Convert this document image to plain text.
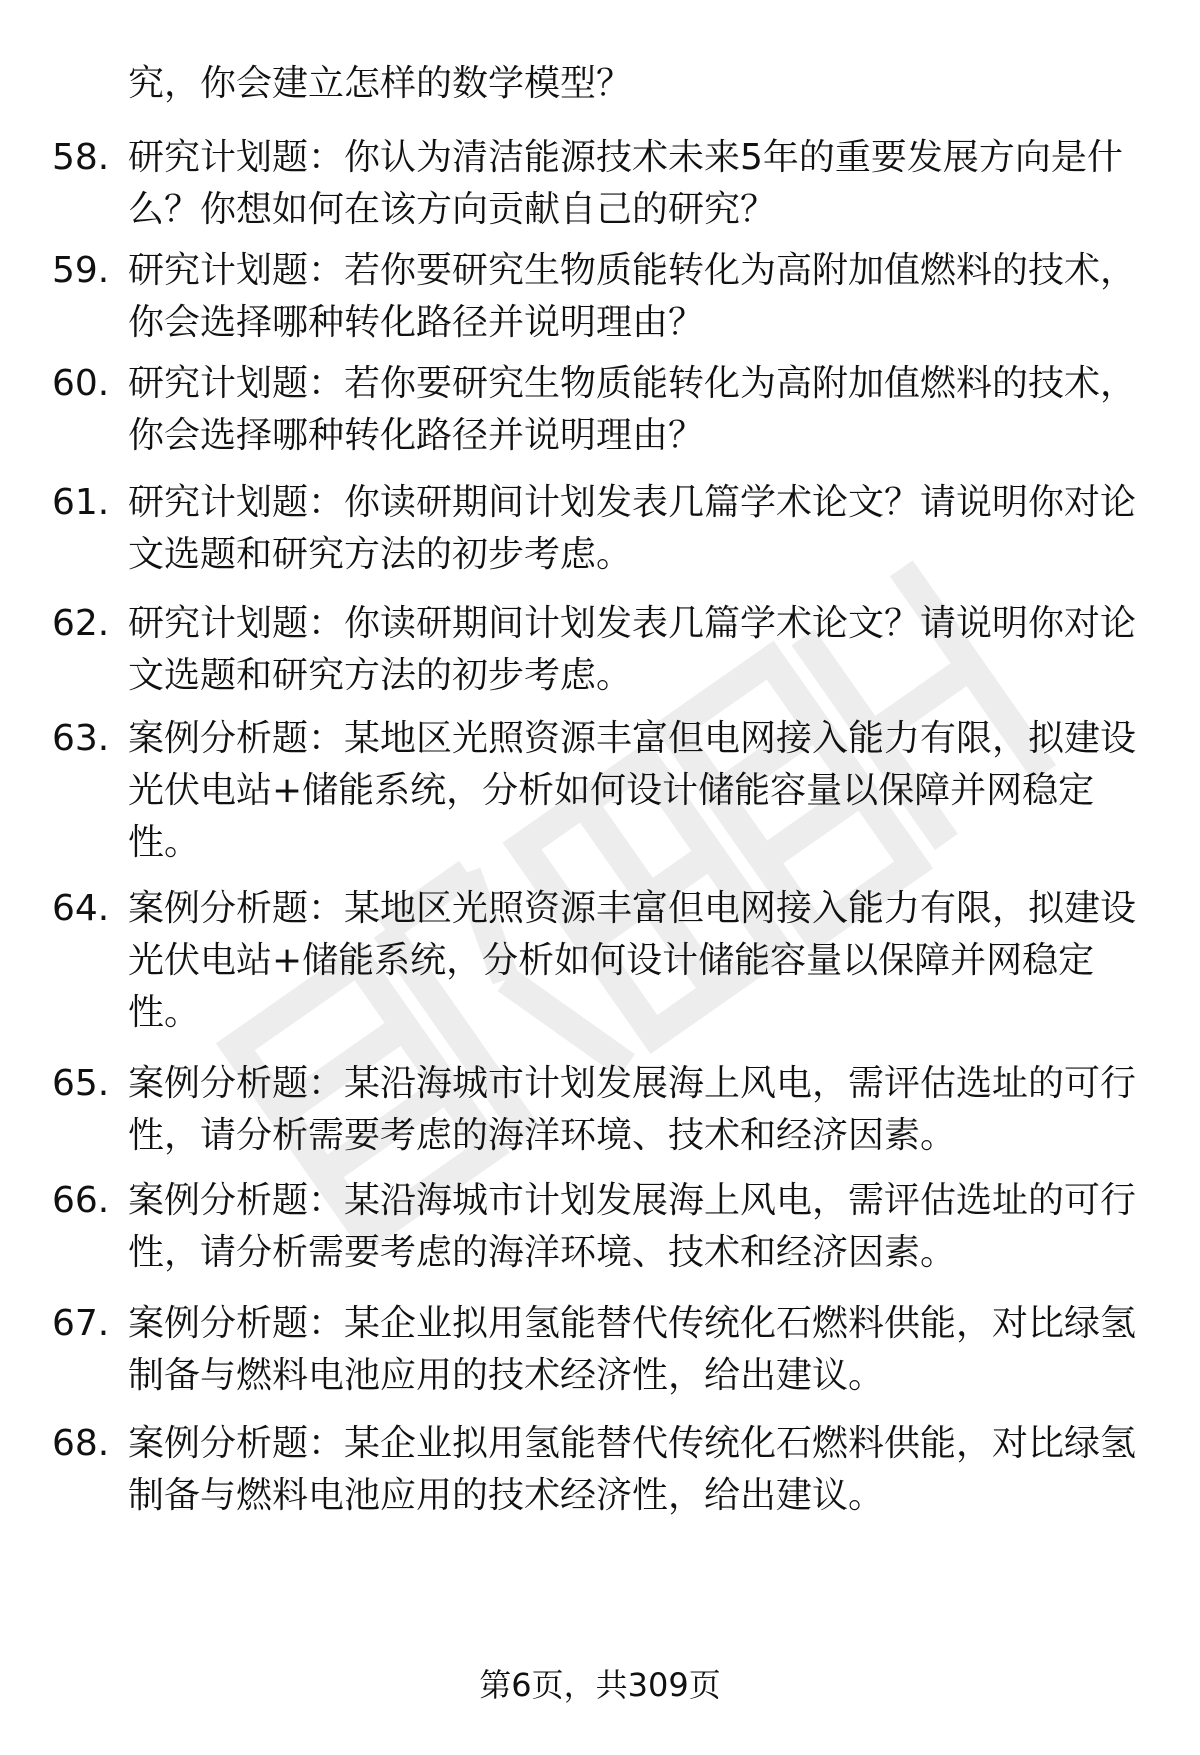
究，你会建立怎样的数学模型？
58. 研究计划题：你认为清洁能源技术未来5年的重要发展方向是什
么？你想如何在该方向贡献自己的研究？
59. 研究计划题：若你要研究生物质能转化为高附加值燃料的技术，
你会选择哪种转化路径并说明理由？
60. 研究计划题：若你要研究生物质能转化为高附加值燃料的技术，
你会选择哪种转化路径并说明理由？
61. 研究计划题：你读研期间计划发表几篇学术论文？请说明你对论
文选题和研究方法的初步考虑。
62. 研究计划题：你读研期间计划发表几篇学术论文？请说明你对论
文选题和研究方法的初步考虑。
63. 案例分析题：某地区光照资源丰富但电网接入能力有限，拟建设
光伏电站+储能系统，分析如何设计储能容量以保障并网稳定
性。
64. 案例分析题：某地区光照资源丰富但电网接入能力有限，拟建设
光伏电站+储能系统，分析如何设计储能容量以保障并网稳定
性。
65. 案例分析题：某沿海城市计划发展海上风电，需评估选址的可行
性，请分析需要考虑的海洋环境、技术和经济因素。
66. 案例分析题：某沿海城市计划发展海上风电，需评估选址的可行
性，请分析需要考虑的海洋环境、技术和经济因素。
67. 案例分析题：某企业拟用氢能替代传统化石燃料供能，对比绿氢
制备与燃料电池应用的技术经济性，给出建议。
68. 案例分析题：某企业拟用氢能替代传统化石燃料供能，对比绿氢
制备与燃料电池应用的技术经济性，给出建议。
第6页，共309页
